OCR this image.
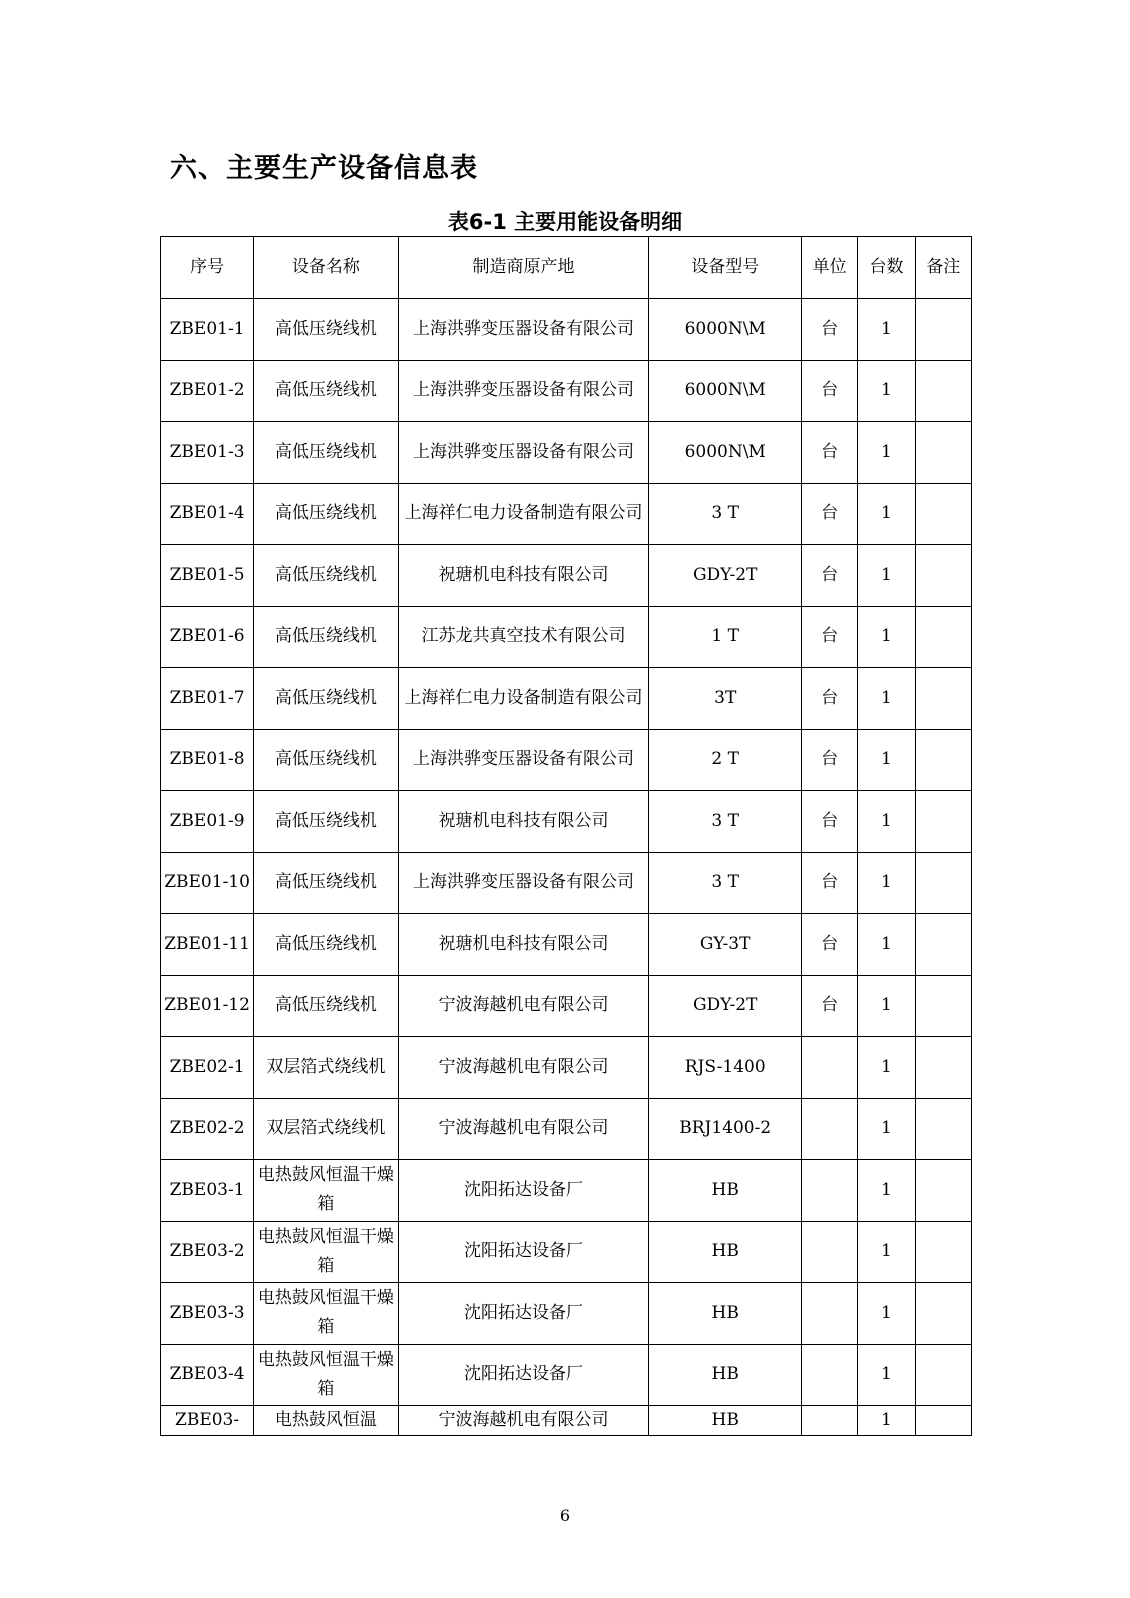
六、主要生产设备信息表
表6-1 主要用能设备明细
序号	设备名称	制造商原产地	设备型号	单位	台数	备注
ZBE01-1	高低压绕线机	上海洪骅变压器设备有限公司	6000N\M	台	1	
ZBE01-2	高低压绕线机	上海洪骅变压器设备有限公司	6000N\M	台	1	
ZBE01-3	高低压绕线机	上海洪骅变压器设备有限公司	6000N\M	台	1	
ZBE01-4	高低压绕线机	上海祥仁电力设备制造有限公司	3 T	台	1	
ZBE01-5	高低压绕线机	祝瑭机电科技有限公司	GDY-2T	台	1	
ZBE01-6	高低压绕线机	江苏龙共真空技术有限公司	1 T	台	1	
ZBE01-7	高低压绕线机	上海祥仁电力设备制造有限公司	3T	台	1	
ZBE01-8	高低压绕线机	上海洪骅变压器设备有限公司	2 T	台	1	
ZBE01-9	高低压绕线机	祝瑭机电科技有限公司	3 T	台	1	
ZBE01-10	高低压绕线机	上海洪骅变压器设备有限公司	3 T	台	1	
ZBE01-11	高低压绕线机	祝瑭机电科技有限公司	GY-3T	台	1	
ZBE01-12	高低压绕线机	宁波海越机电有限公司	GDY-2T	台	1	
ZBE02-1	双层箔式绕线机	宁波海越机电有限公司	RJS-1400		1	
ZBE02-2	双层箔式绕线机	宁波海越机电有限公司	BRJ1400-2		1	
ZBE03-1	电热鼓风恒温干燥箱	沈阳拓达设备厂	HB		1	
ZBE03-2	电热鼓风恒温干燥箱	沈阳拓达设备厂	HB		1	
ZBE03-3	电热鼓风恒温干燥箱	沈阳拓达设备厂	HB		1	
ZBE03-4	电热鼓风恒温干燥箱	沈阳拓达设备厂	HB		1	
ZBE03-	电热鼓风恒温	宁波海越机电有限公司	HB		1	
6
